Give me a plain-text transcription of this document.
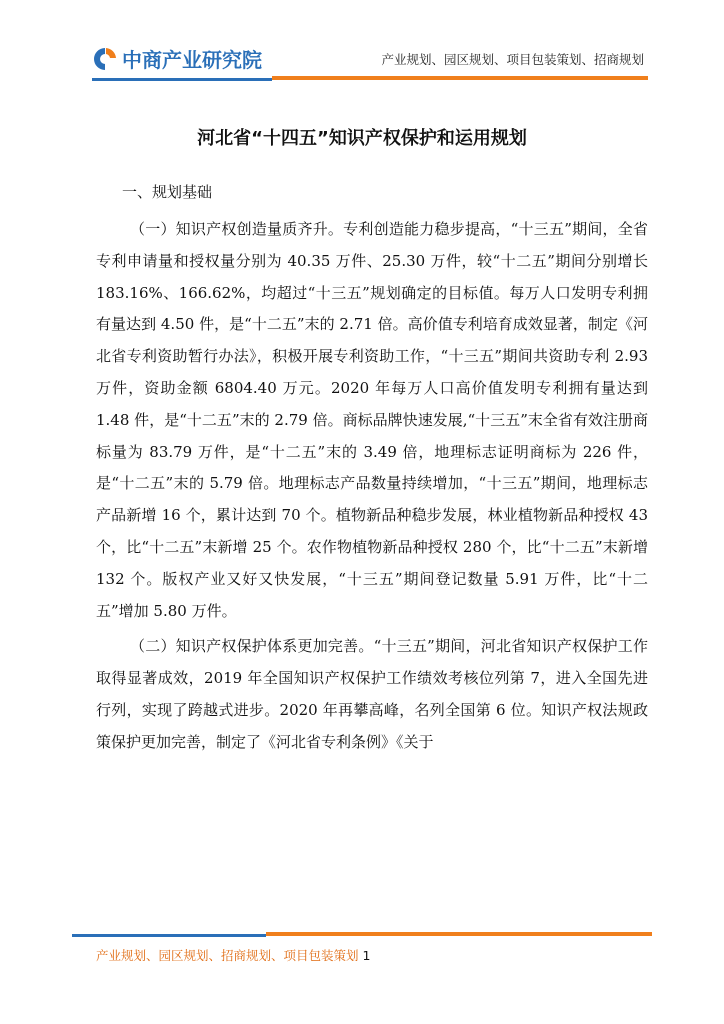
中商产业研究院	产业规划、园区规划、项目包装策划、招商规划
河北省“十四五”知识产权保护和运用规划

一、规划基础

（一）知识产权创造量质齐升。专利创造能力稳步提高，“十三五”期间，全省专利申请量和授权量分别为 40.35 万件、25.30 万件，较“十二五”期间分别增长 183.16%、166.62%，均超过“十三五”规划确定的目标值。每万人口发明专利拥有量达到 4.50 件，是“十二五”末的 2.71 倍。高价值专利培育成效显著，制定《河北省专利资助暂行办法》，积极开展专利资助工作，“十三五”期间共资助专利 2.93 万件，资助金额 6804.40 万元。2020 年每万人口高价值发明专利拥有量达到 1.48 件，是“十二五”末的 2.79 倍。商标品牌快速发展,“十三五”末全省有效注册商标量为 83.79 万件，是“十二五”末的 3.49 倍，地理标志证明商标为 226 件，是“十二五”末的 5.79 倍。地理标志产品数量持续增加，“十三五”期间，地理标志产品新增 16 个，累计达到 70 个。植物新品种稳步发展，林业植物新品种授权 43 个，比“十二五”末新增 25 个。农作物植物新品种授权 280 个，比“十二五”末新增 132 个。版权产业又好又快发展，“十三五”期间登记数量 5.91 万件，比“十二五”增加 5.80 万件。

（二）知识产权保护体系更加完善。“十三五”期间，河北省知识产权保护工作取得显著成效，2019 年全国知识产权保护工作绩效考核位列第 7，进入全国先进行列，实现了跨越式进步。2020 年再攀高峰，名列全国第 6 位。知识产权法规政策保护更加完善，制定了《河北省专利条例》《关于

产业规划、园区规划、招商规划、项目包装策划 1
